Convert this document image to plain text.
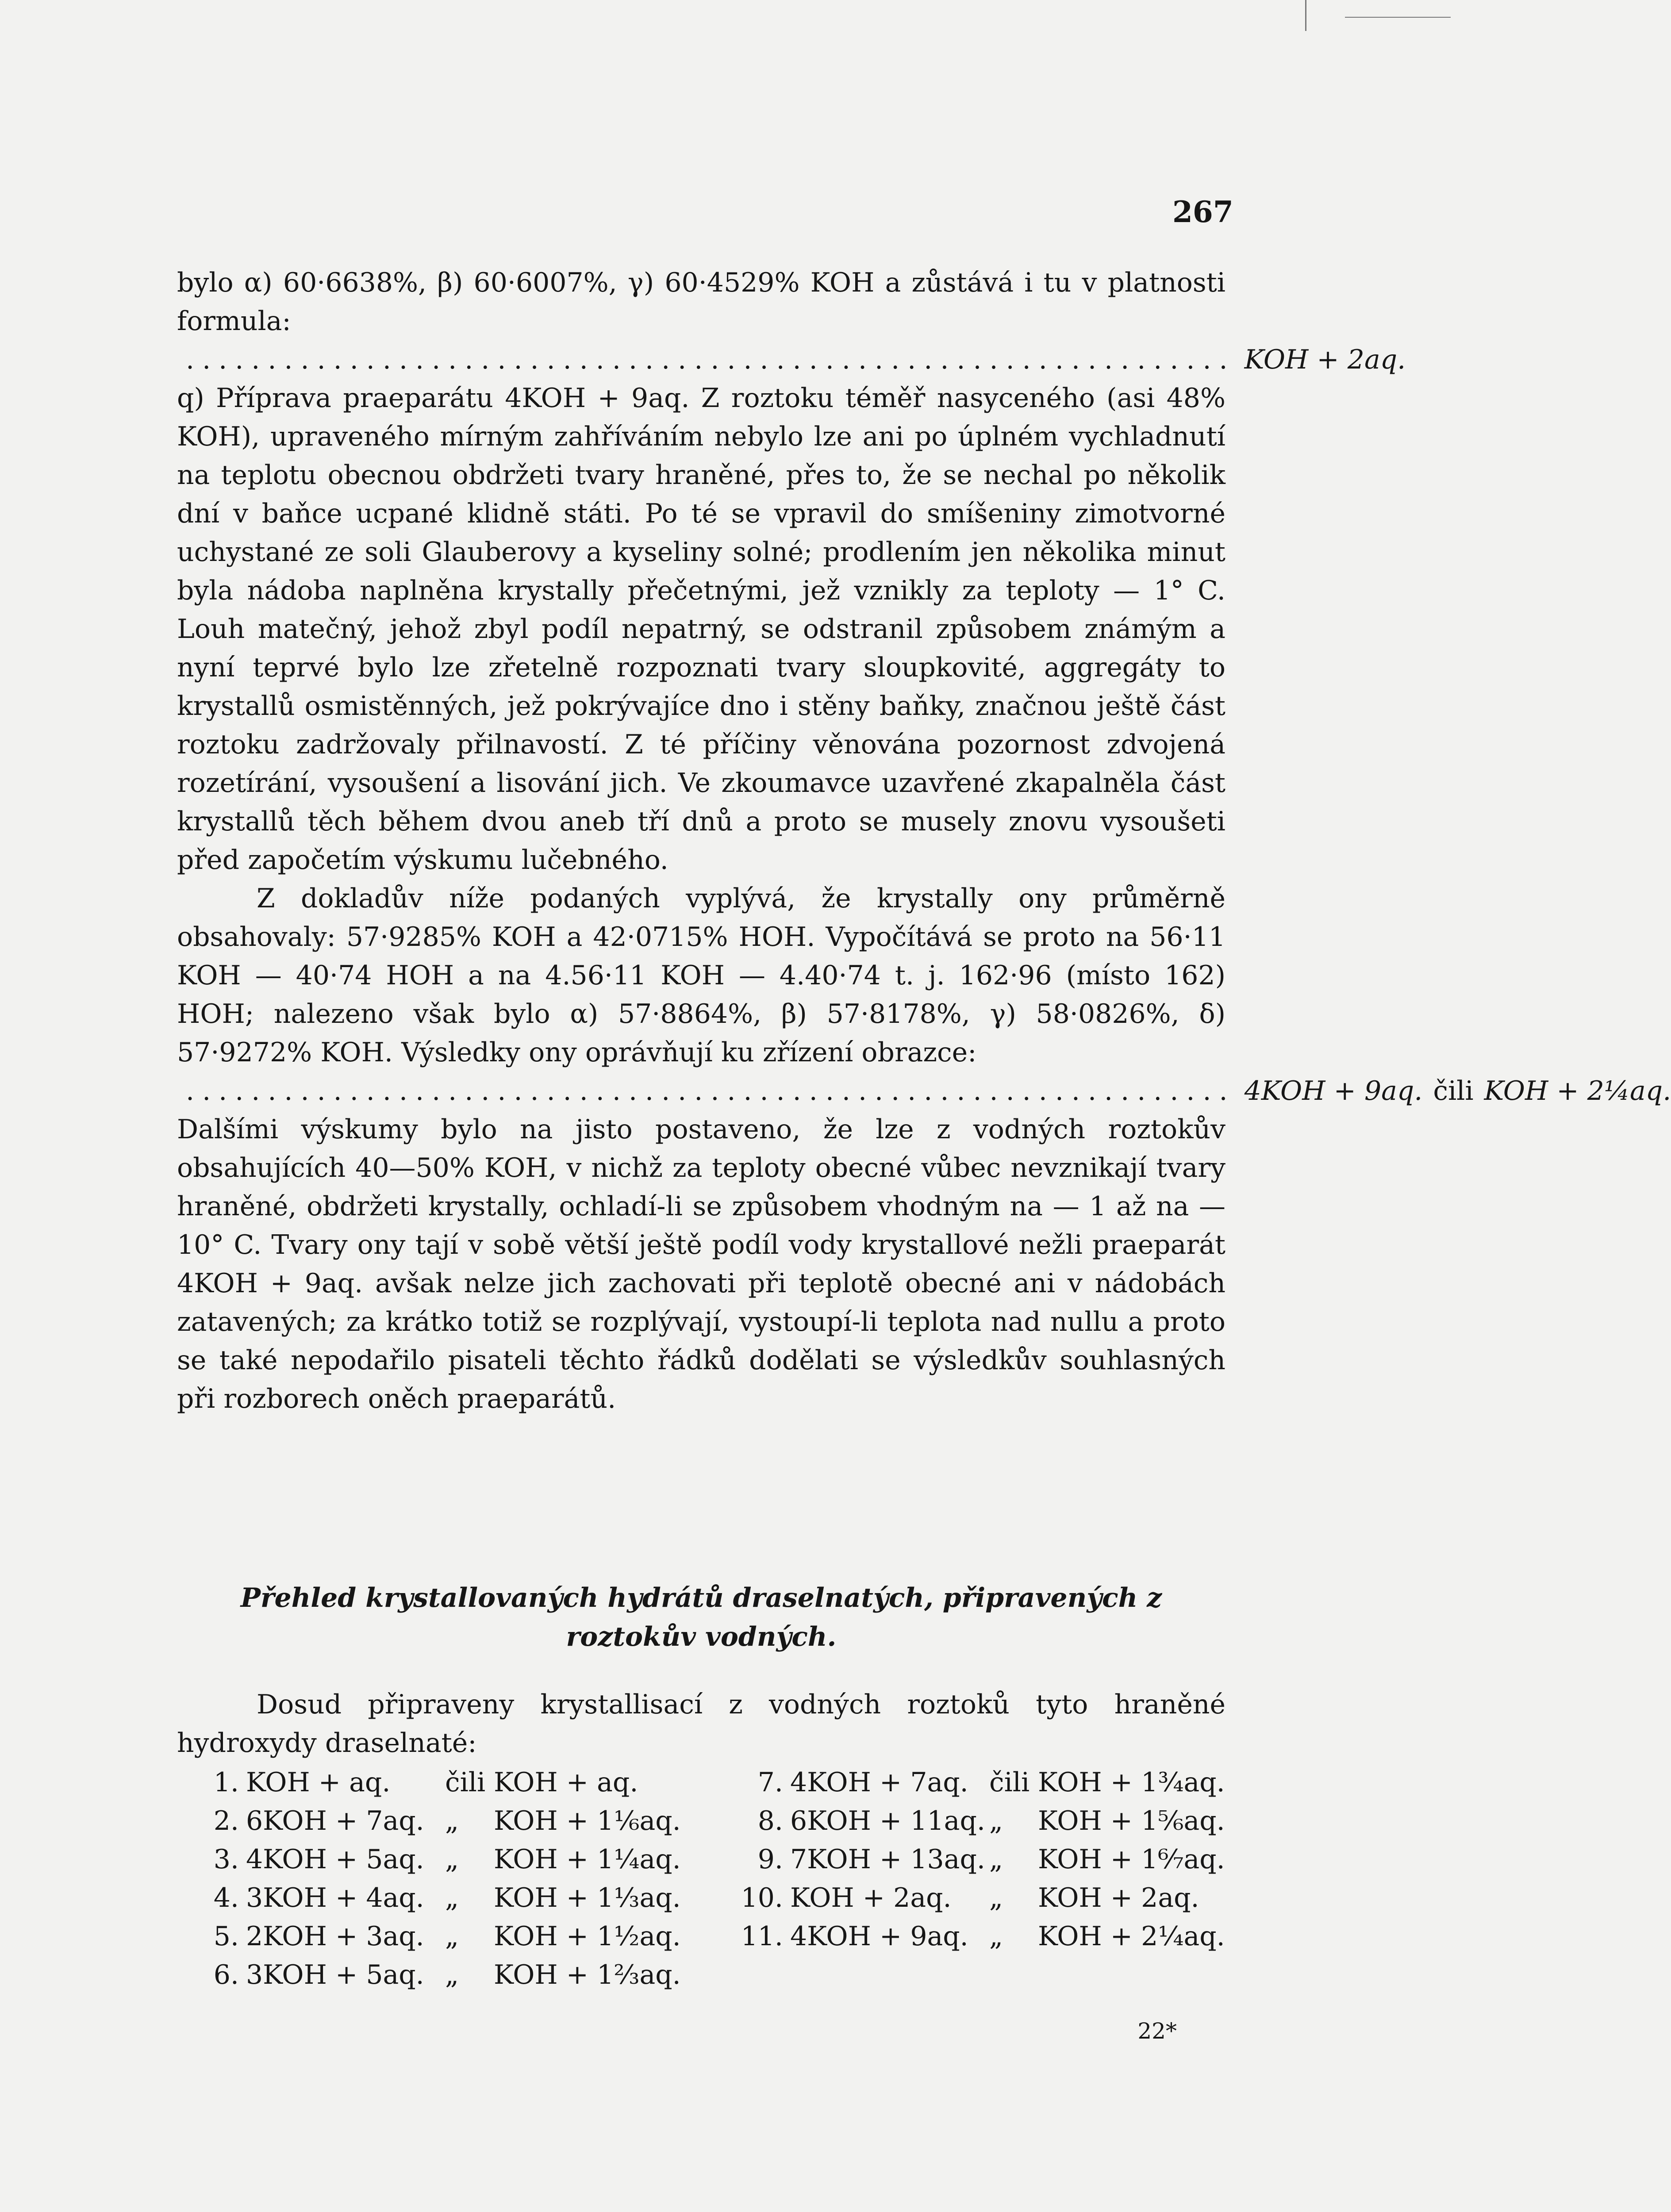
267

bylo α) 60·6638%, β) 60·6007%, γ) 60·4529% KOH a zůstává i tu v platnosti formula:

................................................................ KOH + 2aq.

q) Příprava praeparátu 4KOH + 9aq. Z roztoku téměř nasyceného (asi 48% KOH), upraveného mírným zahříváním nebylo lze ani po úplném vychladnutí na teplotu obecnou obdržeti tvary hraněné, přes to, že se nechal po několik dní v baňce ucpané klidně státi. Po té se vpravil do smíšeniny zimotvorné uchystané ze soli Glauberovy a kyseliny solné; prodlením jen několika minut byla nádoba naplněna krystally přečetnými, jež vznikly za teploty — 1° C. Louh matečný, jehož zbyl podíl nepatrný, se odstranil způsobem známým a nyní teprvé bylo lze zřetelně rozpoznati tvary sloupkovité, aggregáty to krystallů osmistěnných, jež pokrývajíce dno i stěny baňky, značnou ještě část roztoku zadržovaly přilnavostí. Z té příčiny věnována pozornost zdvojená rozetírání, vysoušení a lisování jich. Ve zkoumavce uzavřené zkapalněla část krystallů těch během dvou aneb tří dnů a proto se musely znovu vysoušeti před započetím výskumu lučebného.

Z dokladův níže podaných vyplývá, že krystally ony průměrně obsahovaly: 57·9285% KOH a 42·0715% HOH. Vypočítává se proto na 56·11 KOH — 40·74 HOH a na 4.56·11 KOH — 4.40·74 t. j. 162·96 (místo 162) HOH; nalezeno však bylo α) 57·8864%, β) 57·8178%, γ) 58·0826%, δ) 57·9272% KOH. Výsledky ony oprávňují ku zřízení obrazce:

................................................................ 4KOH + 9aq. čili KOH + 2¼aq.

Dalšími výskumy bylo na jisto postaveno, že lze z vodných roztokův obsahujících 40—50% KOH, v nichž za teploty obecné vůbec nevznikají tvary hraněné, obdržeti krystally, ochladí-li se způsobem vhodným na — 1 až na — 10° C. Tvary ony tají v sobě větší ještě podíl vody krystallové nežli praeparát 4KOH + 9aq. avšak nelze jich zachovati při teplotě obecné ani v nádobách zatavených; za krátko totiž se rozplývají, vystoupí-li teplota nad nullu a proto se také nepodařilo pisateli těchto řádků dodělati se výsledkův souhlasných při rozborech oněch praeparátů.

Přehled krystallovaných hydrátů draselnatých, připravených z roztokův vodných.
Dosud připraveny krystallisací z vodných roztoků tyto hraněné hydroxydy draselnaté:
1. KOH + aq. čili KOH + aq.
2. 6KOH + 7aq. „ KOH + 1⅙aq.
3. 4KOH + 5aq. „ KOH + 1¼aq.
4. 3KOH + 4aq. „ KOH + 1⅓aq.
5. 2KOH + 3aq. „ KOH + 1½aq.
6. 3KOH + 5aq. „ KOH + 1⅔aq.
7. 4KOH + 7aq. čili KOH + 1¾aq.
8. 6KOH + 11aq. „ KOH + 1⅚aq.
9. 7KOH + 13aq. „ KOH + 1⁶⁄₇aq.
10. KOH + 2aq. „ KOH + 2aq.
11. 4KOH + 9aq. „ KOH + 2¼aq.
22*
